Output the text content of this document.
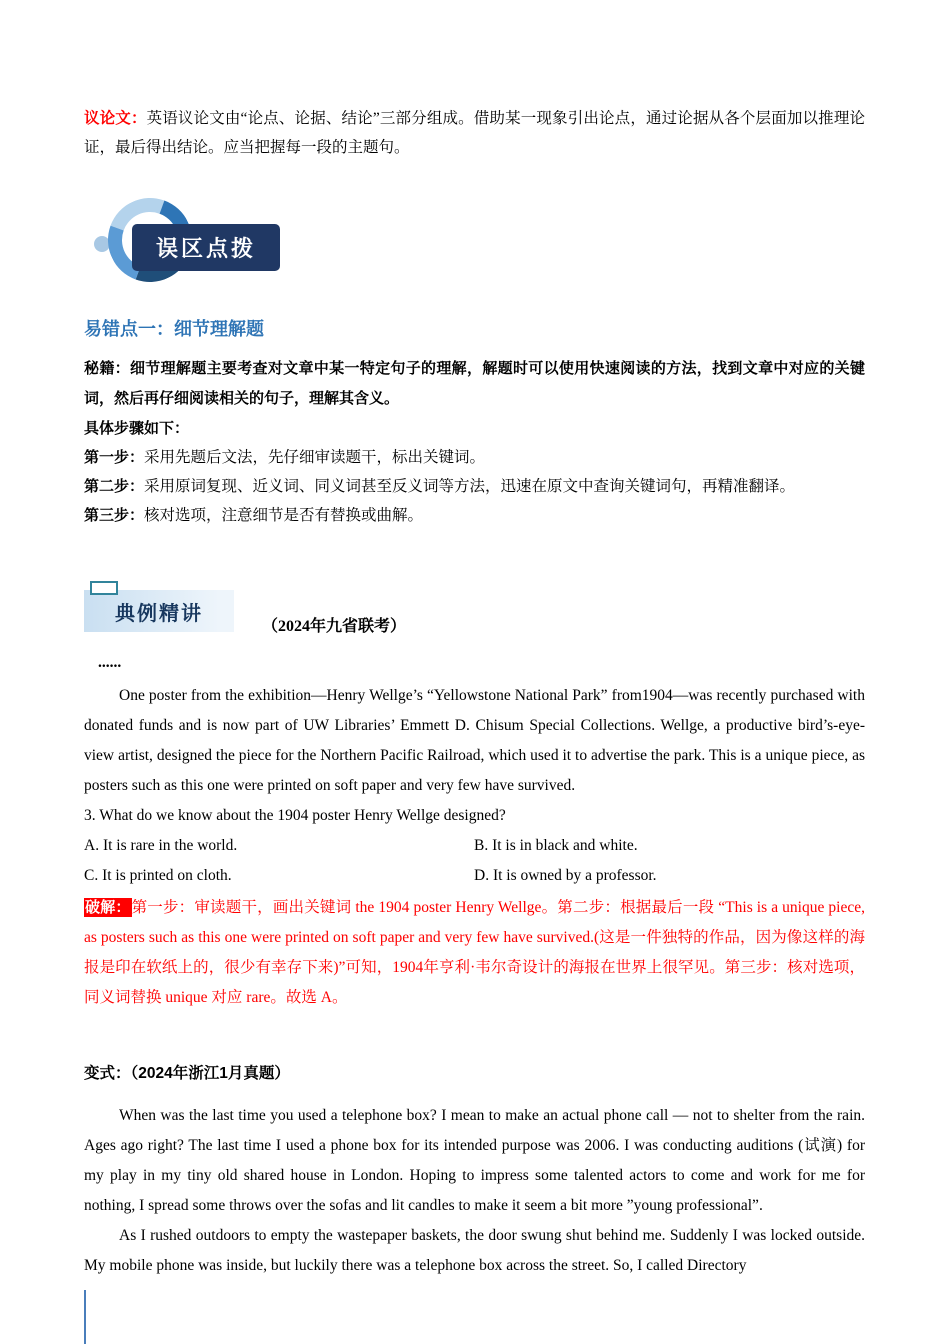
议论文：英语议论文由“论点、论据、结论”三部分组成。借助某一现象引出论点，通过论据从各个层面加以推理论证，最后得出结论。应当把握每一段的主题句。

误区点拨

易错点一：细节理解题

秘籍：细节理解题主要考查对文章中某一特定句子的理解，解题时可以使用快速阅读的方法，找到文章中对应的关键词，然后再仔细阅读相关的句子，理解其含义。

具体步骤如下：

第一步：采用先题后文法，先仔细审读题干，标出关键词。

第二步：采用原词复现、近义词、同义词甚至反义词等方法，迅速在原文中查询关键词句，再精准翻译。

第三步：核对选项，注意细节是否有替换或曲解。

典例精讲
（2024年九省联考）

......

One poster from the exhibition—Henry Wellge’s “Yellowstone National Park” from1904—was recently purchased with donated funds and is now part of UW Libraries’ Emmett D. Chisum Special Collections. Wellge, a productive bird’s-eye-view artist, designed the piece for the Northern Pacific Railroad, which used it to advertise the park. This is a unique piece, as posters such as this one were printed on soft paper and very few have survived.

3. What do we know about the 1904 poster Henry Wellge designed?

A. It is rare in the world.	B. It is in black and white.
C. It is printed on cloth.	D. It is owned by a professor.

破解：第一步：审读题干，画出关键词 the 1904 poster Henry Wellge。第二步：根据最后一段 “This is a unique piece, as posters such as this one were printed on soft paper and very few have survived.(这是一件独特的作品，因为像这样的海报是印在软纸上的，很少有幸存下来)”可知，1904年亨利·韦尔奇设计的海报在世界上很罕见。第三步：核对选项，同义词替换 unique 对应 rare。故选 A。

变式：（2024年浙江1月真题）

When was the last time you used a telephone box? I mean to make an actual phone call — not to shelter from the rain. Ages ago right? The last time I used a phone box for its intended purpose was 2006. I was conducting auditions (试演) for my play in my tiny old shared house in London. Hoping to impress some talented actors to come and work for me for nothing, I spread some throws over the sofas and lit candles to make it seem a bit more ”young professional”.

As I rushed outdoors to empty the wastepaper baskets, the door swung shut behind me. Suddenly I was locked outside. My mobile phone was inside, but luckily there was a telephone box across the street. So, I called Directory
